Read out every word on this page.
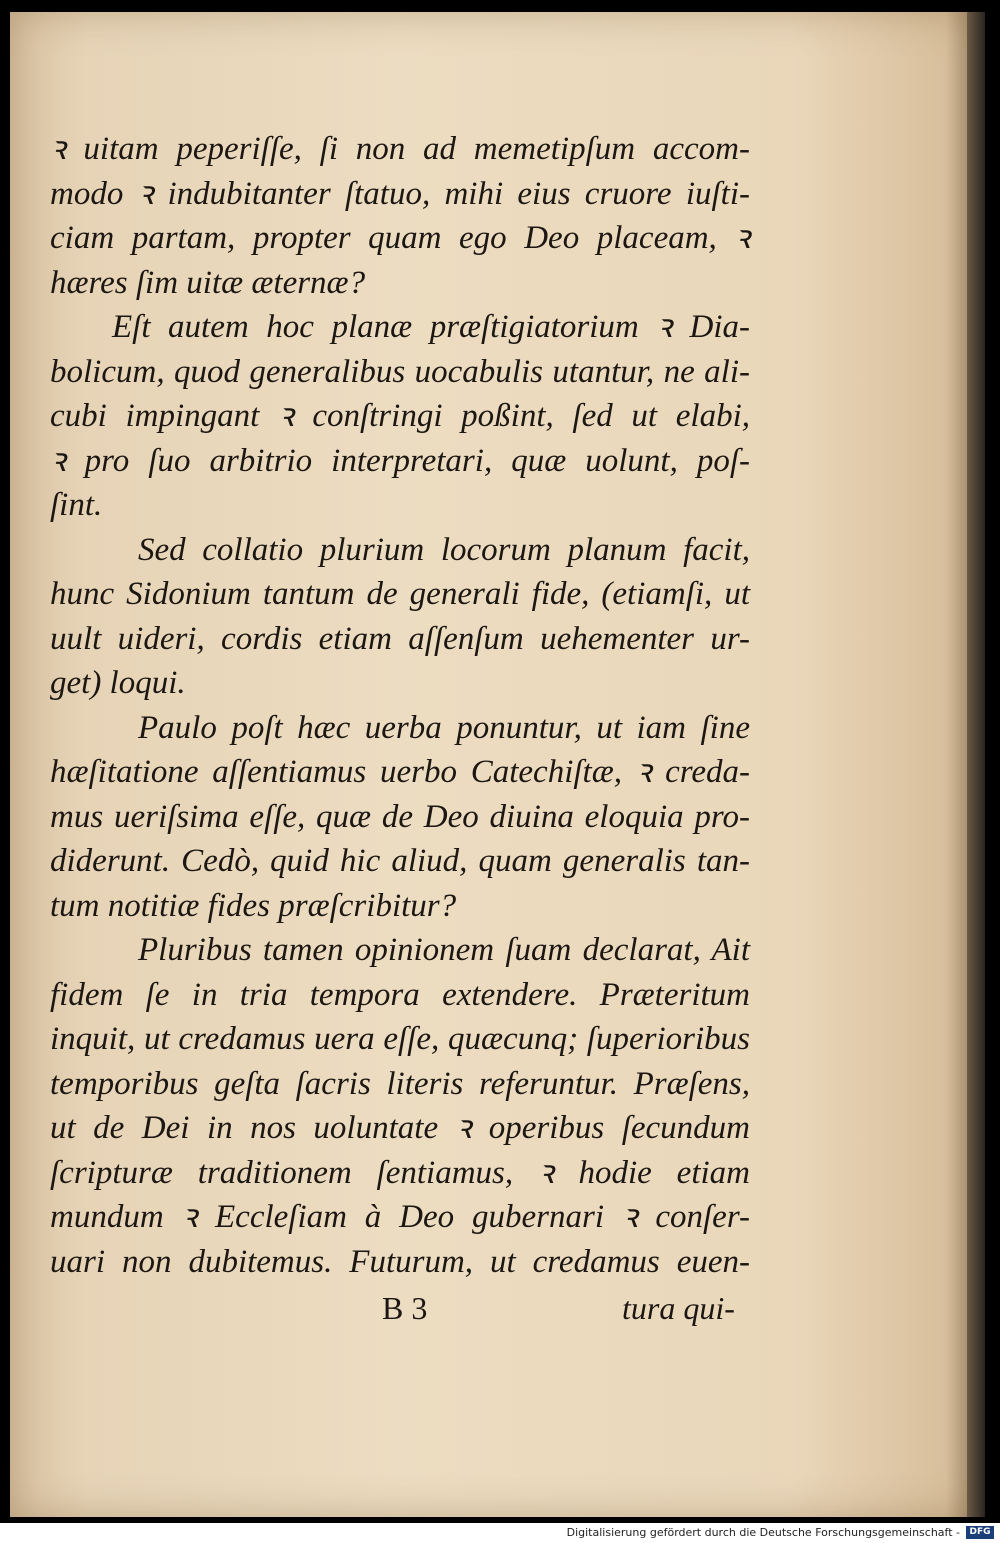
ꝛ uitam peperiſſe, ſi non ad memetipſum accom-
modo ꝛ indubitanter ſtatuo, mihi eius cruore iuſti-
ciam partam, propter quam ego Deo placeam, ꝛ
hæres ſim uitæ æternæ?
Eſt autem hoc planæ præſtigiatorium ꝛ Dia-
bolicum, quod generalibus uocabulis utantur, ne ali-
cubi impingant ꝛ conſtringi poßint, ſed ut elabi,
ꝛ pro ſuo arbitrio interpretari, quæ uolunt, poſ-
ſint.
Sed collatio plurium locorum planum facit,
hunc Sidonium tantum de generali fide, (etiamſi, ut
uult uideri, cordis etiam aſſenſum uehementer ur-
get) loqui.
Paulo poſt hæc uerba ponuntur, ut iam ſine
hæſitatione aſſentiamus uerbo Catechiſtæ, ꝛ creda-
mus ueriſsima eſſe, quæ de Deo diuina eloquia pro-
diderunt. Cedò, quid hic aliud, quam generalis tan-
tum notitiæ fides præſcribitur?
Pluribus tamen opinionem ſuam declarat, Ait
fidem ſe in tria tempora extendere. Præteritum
inquit, ut credamus uera eſſe, quæcunq; ſuperioribus
temporibus geſta ſacris literis referuntur. Præſens,
ut de Dei in nos uoluntate ꝛ operibus ſecundum
ſcripturæ traditionem ſentiamus, ꝛ hodie etiam
mundum ꝛ Eccleſiam à Deo gubernari ꝛ conſer-
uari non dubitemus. Futurum, ut credamus euen-
B 3	tura qui-
Digitalisierung gefördert durch die Deutsche Forschungsgemeinschaft -	DFG
